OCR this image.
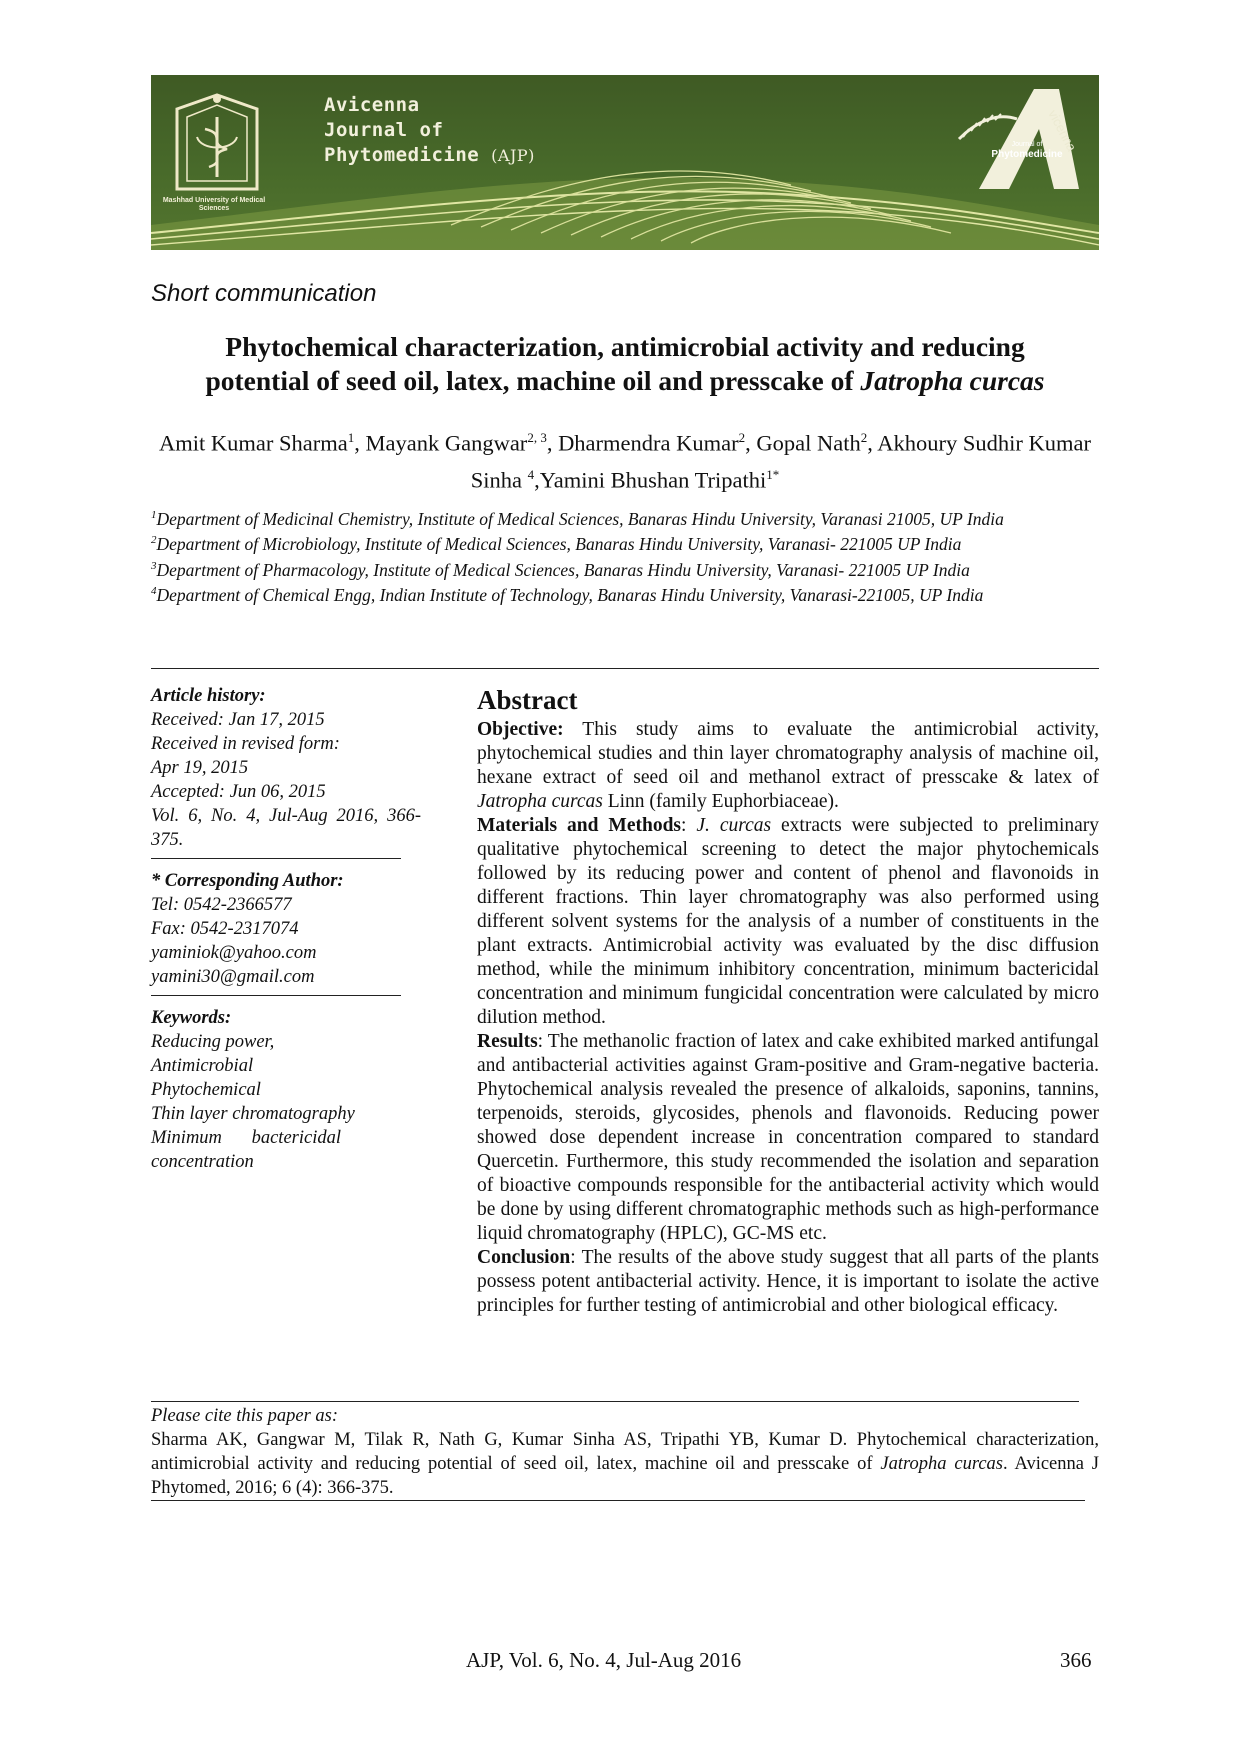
Mashhad University of Medical Sciences
Avicenna
Journal of
Phytomedicine (AJP)
vicenna
Journal of
Phytomedicine
Short communication
Phytochemical characterization, antimicrobial activity and reducing
potential of seed oil, latex, machine oil and presscake of Jatropha curcas
Amit Kumar Sharma$^1$, Mayank Gangwar$^{2, 3}$, Dharmendra Kumar$^2$, Gopal Nath$^2$, Akhoury Sudhir Kumar Sinha $^4$,Yamini Bhushan Tripathi$^{1*}$

$^1$Department of Medicinal Chemistry, Institute of Medical Sciences, Banaras Hindu University, Varanasi 21005, UP India

$^2$Department of Microbiology, Institute of Medical Sciences, Banaras Hindu University, Varanasi- 221005 UP India

$^3$Department of Pharmacology, Institute of Medical Sciences, Banaras Hindu University, Varanasi- 221005 UP India

$^4$Department of Chemical Engg, Indian Institute of Technology, Banaras Hindu University, Vanarasi-221005, UP India

Article history:
Received: Jan 17, 2015
Received in revised form:
Apr 19, 2015
Accepted: Jun 06, 2015
Vol. 6, No. 4, Jul-Aug 2016, 366-375.
* Corresponding Author:
Tel: 0542-2366577
Fax: 0542-2317074
yaminiok@yahoo.com
yamini30@gmail.com
Keywords:
Reducing power,
Antimicrobial
Phytochemical
Thin layer chromatography
Minimum bactericidal concentration
Abstract

Objective: This study aims to evaluate the antimicrobial activity, phytochemical studies and thin layer chromatography analysis of machine oil, hexane extract of seed oil and methanol extract of presscake & latex of Jatropha curcas Linn (family Euphorbiaceae).

Materials and Methods: J. curcas extracts were subjected to preliminary qualitative phytochemical screening to detect the major phytochemicals followed by its reducing power and content of phenol and flavonoids in different fractions. Thin layer chromatography was also performed using different solvent systems for the analysis of a number of constituents in the plant extracts. Antimicrobial activity was evaluated by the disc diffusion method, while the minimum inhibitory concentration, minimum bactericidal concentration and minimum fungicidal concentration were calculated by micro dilution method.

Results: The methanolic fraction of latex and cake exhibited marked antifungal and antibacterial activities against Gram-positive and Gram-negative bacteria. Phytochemical analysis revealed the presence of alkaloids, saponins, tannins, terpenoids, steroids, glycosides, phenols and flavonoids. Reducing power showed dose dependent increase in concentration compared to standard Quercetin. Furthermore, this study recommended the isolation and separation of bioactive compounds responsible for the antibacterial activity which would be done by using different chromatographic methods such as high-performance liquid chromatography (HPLC), GC-MS etc.

Conclusion: The results of the above study suggest that all parts of the plants possess potent antibacterial activity. Hence, it is important to isolate the active principles for further testing of antimicrobial and other biological efficacy.

Please cite this paper as:

Sharma AK, Gangwar M, Tilak R, Nath G, Kumar Sinha AS, Tripathi YB, Kumar D. Phytochemical characterization, antimicrobial activity and reducing potential of seed oil, latex, machine oil and presscake of Jatropha curcas. Avicenna J Phytomed, 2016; 6 (4): 366-375.

AJP, Vol. 6, No. 4, Jul-Aug 2016	366
